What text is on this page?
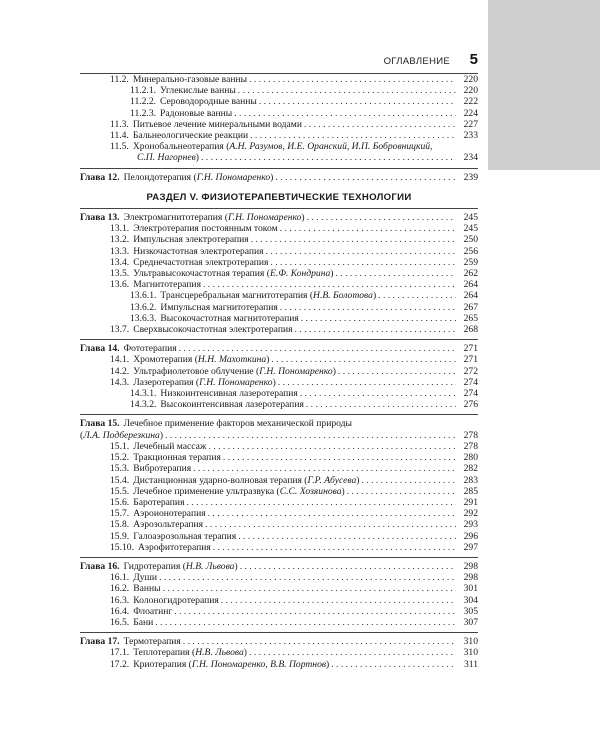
ОГЛАВЛЕНИЕ 5
11.2. Минерально-газовые ванны . . .	220
11.2.1. Углекислые ванны . . .	220
11.2.2. Сероводородные ванны . . .	222
11.2.3. Радоновые ванны . . .	224
11.3. Питьевое лечение минеральными водами . . .	227
11.4. Бальнеологические реакции . . .	233
11.5. Хронобальнеотерапия (А.Н. Разумов, И.Е. Оранский, И.П. Бобровницкий,
С.П. Нагорнев) . . .	234
Глава 12. Пелоидотерапия (Г.Н. Пономаренко) . . .	239
РАЗДЕЛ V. ФИЗИОТЕРАПЕВТИЧЕСКИЕ ТЕХНОЛОГИИ
Глава 13. Электромагнитотерапия (Г.Н. Пономаренко) . . .	245
13.1. Электротерапия постоянным током . . .	245
13.2. Импульсная электротерапия . . .	250
13.3. Низкочастотная электротерапия . . .	256
13.4. Среднечастотная электротерапия . . .	259
13.5. Ультравысокочастотная терапия (Е.Ф. Кондрина) . . .	262
13.6. Магнитотерапия . . .	264
13.6.1. Трансцеребральная магнитотерапия (Н.В. Болотова) . . .	264
13.6.2. Импульсная магнитотерапия . . .	267
13.6.3. Высокочастотная магнитотерапия . . .	265
13.7. Сверхвысокочастотная электротерапия . . .	268
Глава 14. Фототерапия . . .	271
14.1. Хромотерапия (Н.Н. Махоткина) . . .	271
14.2. Ультрафиолетовое облучение (Г.Н. Пономаренко) . . .	272
14.3. Лазеротерапия (Г.Н. Пономаренко) . . .	274
14.3.1. Низкоинтенсивная лазеротерапия . . .	274
14.3.2. Высокоинтенсивная лазеротерапия . . .	276
Глава 15. Лечебное применение факторов механической природы
(Л.А. Подберезкина) . . .	278
15.1. Лечебный массаж . . .	278
15.2. Тракционная терапия . . .	280
15.3. Вибротерапия . . .	282
15.4. Дистанционная ударно-волновая терапия (Г.Р. Абусева) . . .	283
15.5. Лечебное применение ультразвука (С.С. Хозяинова) . . .	285
15.6. Баротерапия . . .	291
15.7. Аэроионотерапия . . .	292
15.8. Аэрозольтерапия . . .	293
15.9. Галоаэрозольная терапия . . .	296
15.10. Аэрофитотерапия . . .	297
Глава 16. Гидротерапия (Н.В. Львова) . . .	298
16.1. Души . . .	298
16.2. Ванны . . .	301
16.3. Колоногидротерапия . . .	304
16.4. Флоатинг . . .	305
16.5. Бани . . .	307
Глава 17. Термотерапия . . .	310
17.1. Теплотерапия (Н.В. Львова) . . .	310
17.2. Криотерапия (Г.Н. Пономаренко, В.В. Портнов) . . .	311
